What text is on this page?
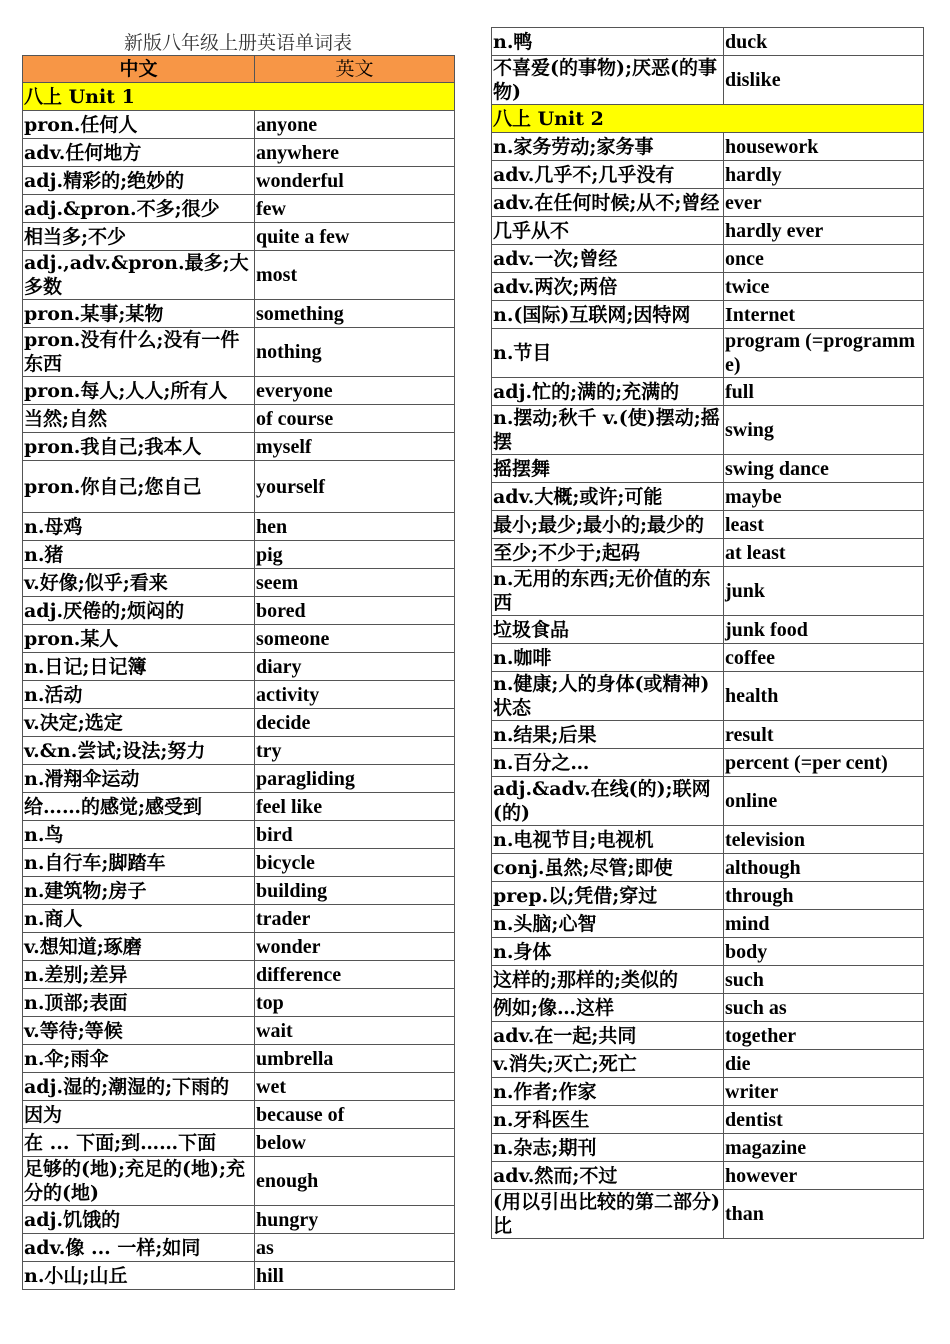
新版八年级上册英语单词表
中文	英文
八上 Unit 1	
pron.任何人	anyone
adv.任何地方	anywhere
adj.精彩的;绝妙的	wonderful
adj.&pron.不多;很少	few
相当多;不少	quite a few
adj.,adv.&pron.最多;大多数	most
pron.某事;某物	something
pron.没有什么;没有一件东西	nothing
pron.每人;人人;所有人	everyone
当然;自然	of course
pron.我自己;我本人	myself
pron.你自己;您自己	yourself
n.母鸡	hen
n.猪	pig
v.好像;似乎;看来	seem
adj.厌倦的;烦闷的	bored
pron.某人	someone
n.日记;日记簿	diary
n.活动	activity
v.决定;选定	decide
v.&n.尝试;设法;努力	try
n.滑翔伞运动	paragliding
给……的感觉;感受到	feel like
n.鸟	bird
n.自行车;脚踏车	bicycle
n.建筑物;房子	building
n.商人	trader
v.想知道;琢磨	wonder
n.差别;差异	difference
n.顶部;表面	top
v.等待;等候	wait
n.伞;雨伞	umbrella
adj.湿的;潮湿的;下雨的	wet
因为	because of
在 ... 下面;到……下面	below
足够的(地);充足的(地);充分的(地)	enough
adj.饥饿的	hungry
adv.像 ... 一样;如同	as
n.小山;山丘	hill
n.鸭	duck
不喜爱(的事物);厌恶(的事物)	dislike
八上 Unit 2	
n.家务劳动;家务事	housework
adv.几乎不;几乎没有	hardly
adv.在任何时候;从不;曾经	ever
几乎从不	hardly ever
adv.一次;曾经	once
adv.两次;两倍	twice
n.(国际)互联网;因特网	Internet
n.节目	program (=programme)
adj.忙的;满的;充满的	full
n.摆动;秋千 v.(使)摆动;摇摆	swing
摇摆舞	swing dance
adv.大概;或许;可能	maybe
最小;最少;最小的;最少的	least
至少;不少于;起码	at least
n.无用的东西;无价值的东西	junk
垃圾食品	junk food
n.咖啡	coffee
n.健康;人的身体(或精神)状态	health
n.结果;后果	result
n.百分之…	percent (=per cent)
adj.&adv.在线(的);联网(的)	online
n.电视节目;电视机	television
conj.虽然;尽管;即使	although
prep.以;凭借;穿过	through
n.头脑;心智	mind
n.身体	body
这样的;那样的;类似的	such
例如;像…这样	such as
adv.在一起;共同	together
v.消失;灭亡;死亡	die
n.作者;作家	writer
n.牙科医生	dentist
n.杂志;期刊	magazine
adv.然而;不过	however
(用以引出比较的第二部分)比	than
